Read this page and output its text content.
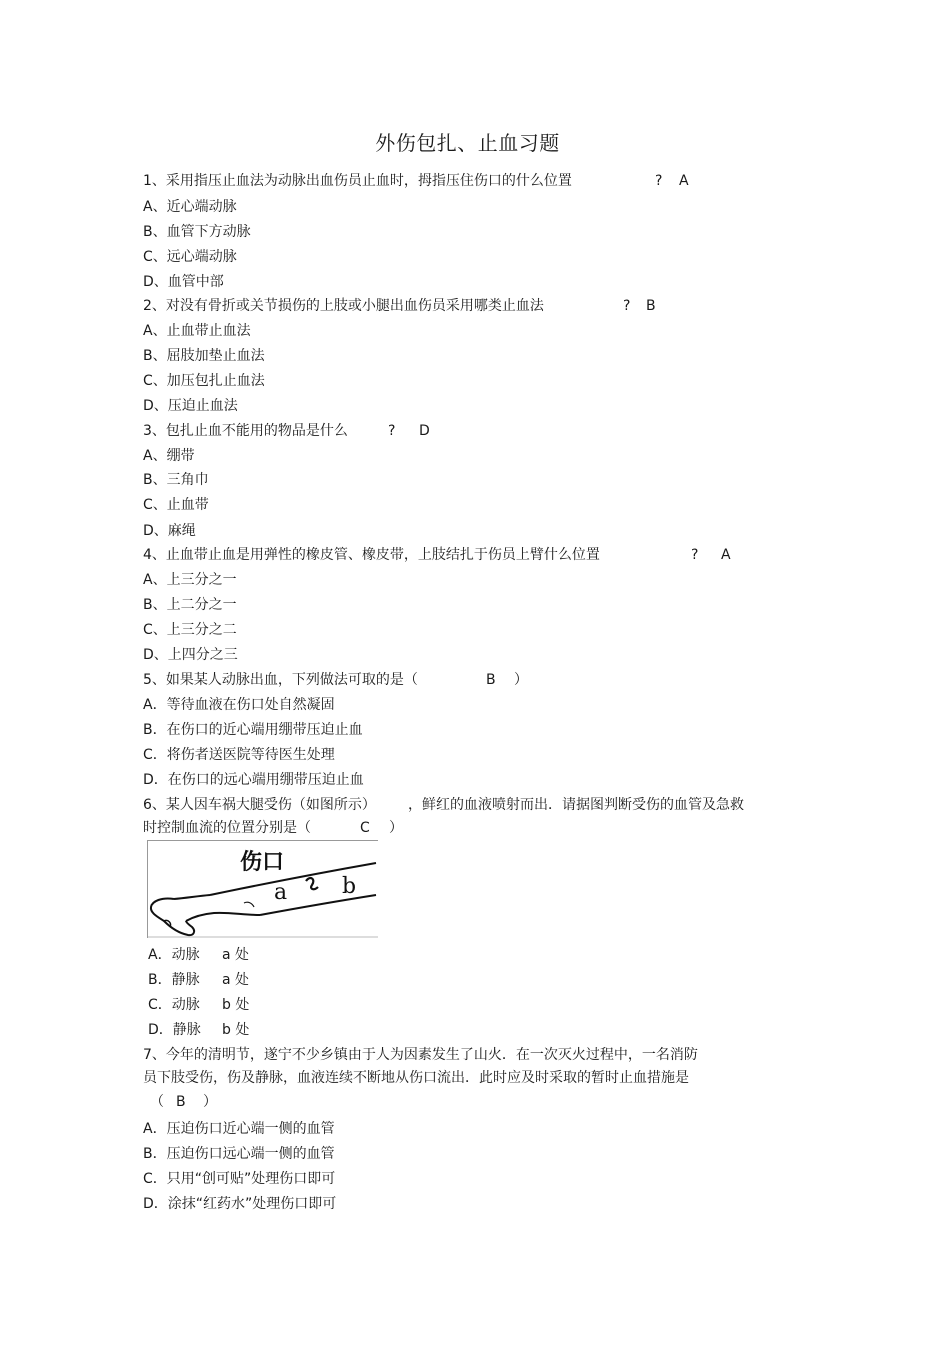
外伤包扎、止血习题
1、采用指压止血法为动脉出血伤员止血时，拇指压住伤口的什么位置	? A
A、近心端动脉
B、血管下方动脉
C、远心端动脉
D、血管中部
2、对没有骨折或关节损伤的上肢或小腿出血伤员采用哪类止血法	? B
A、止血带止血法
B、屈肢加垫止血法
C、加压包扎止血法
D、压迫止血法
3、包扎止血不能用的物品是什么	? D
A、绷带
B、三角巾
C、止血带
D、麻绳
4、止血带止血是用弹性的橡皮管、橡皮带，上肢结扎于伤员上臂什么位置	? A
A、上三分之一
B、上二分之一
C、上三分之二
D、上四分之三
5、如果某人动脉出血，下列做法可取的是（	B ）
A．等待血液在伤口处自然凝固
B．在伤口的近心端用绷带压迫止血
C．将伤者送医院等待医生处理
D．在伤口的远心端用绷带压迫止血
6、某人因车祸大腿受伤（如图所示） ，鲜红的血液喷射而出．请据图判断受伤的血管及急救
时控制血流的位置分别是（	C ）
伤口
a b
A．动脉 a 处
B．静脉 a 处
C．动脉 b 处
D．静脉 b 处
7、今年的清明节，遂宁不少乡镇由于人为因素发生了山火．在一次灭火过程中，一名消防
员下肢受伤，伤及静脉，血液连续不断地从伤口流出．此时应及时采取的暂时止血措施是
（ B ）
A．压迫伤口近心端一侧的血管
B．压迫伤口远心端一侧的血管
C．只用“创可贴”处理伤口即可
D．涂抹“红药水”处理伤口即可
